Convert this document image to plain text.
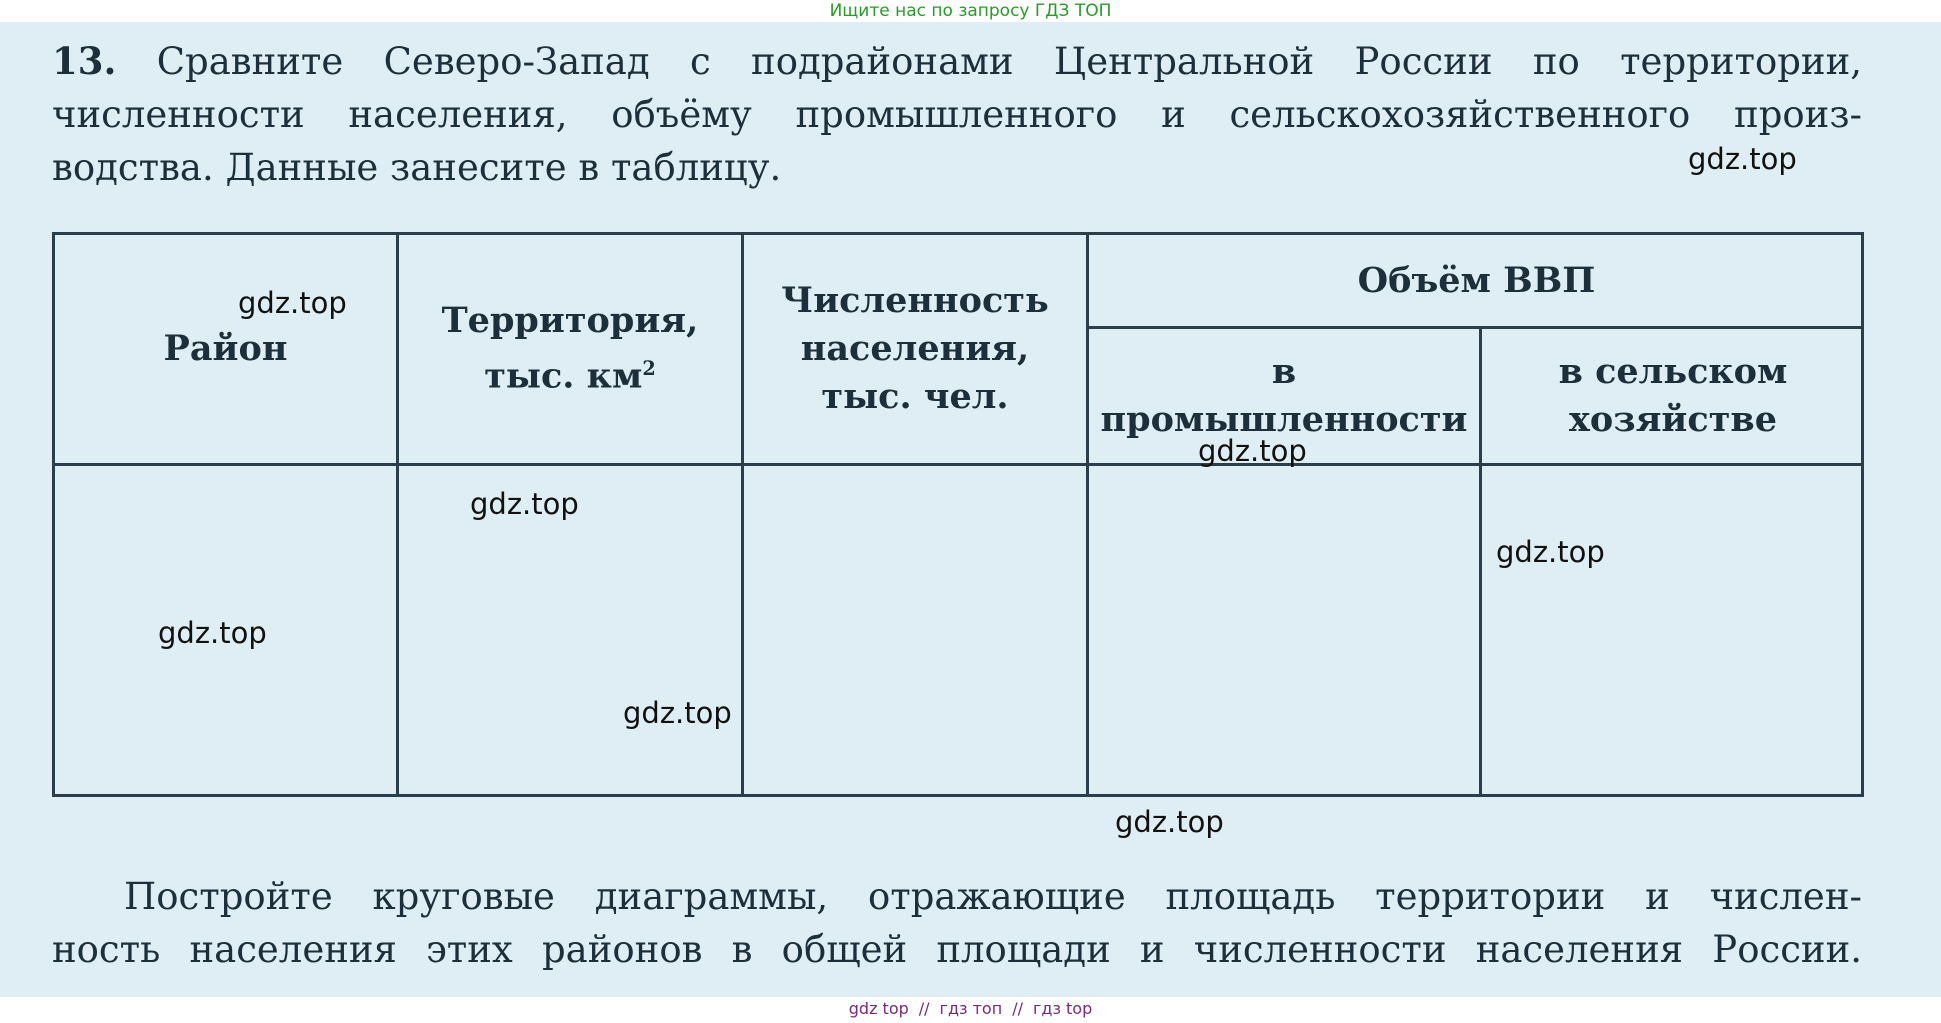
Ищите нас по запросу ГДЗ ТОП
13. Сравните Северо-Запад с подрайонами Центральной России по территории,
численности населения, объёму промышленного и сельскохозяйственного произ-
водства. Данные занесите в таблицу.
Район
Территория,
тыс. $км^2$
Численность
населения,
тыс. чел.
Объём ВВП
в
промышленности
в сельском
хозяйстве
Постройте круговые диаграммы, отражающие площадь территории и числен-
ность населения этих районов в общей площади и численности населения России.
gdz.top
gdz.top
gdz.top
gdz.top
gdz.top
gdz.top
gdz.top
gdz.top
gdz top // гдз топ // гдз top
